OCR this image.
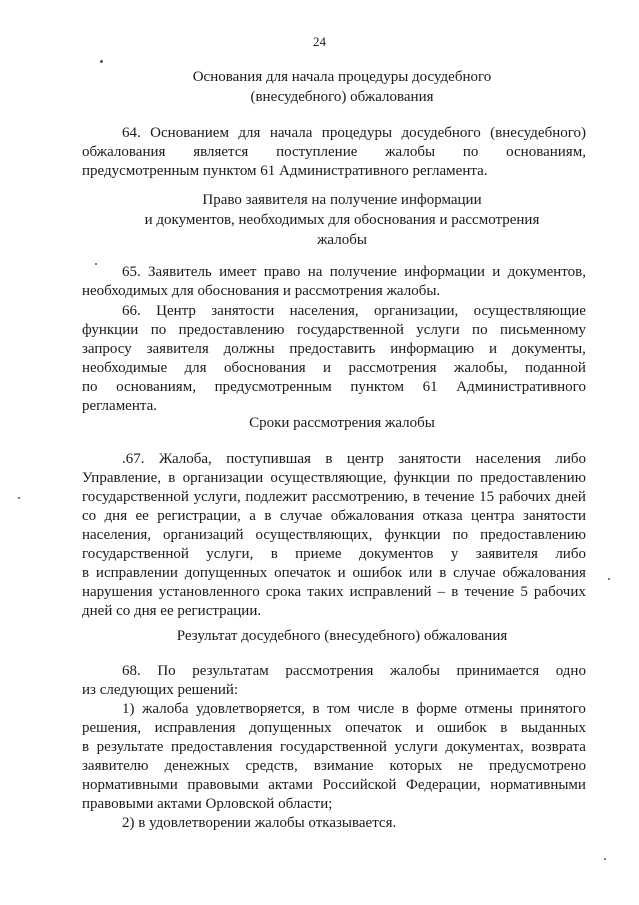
24
Основания для начала процедуры досудебного
(внесудебного) обжалования
64. Основанием для начала процедуры досудебного (внесудебного)
обжалования является поступление жалобы по основаниям,
предусмотренным пунктом 61 Административного регламента.
Право заявителя на получение информации
и документов, необходимых для обоснования и рассмотрения
жалобы
65. Заявитель имеет право на получение информации и документов,
необходимых для обоснования и рассмотрения жалобы.
66. Центр занятости населения, организации, осуществляющие
функции по предоставлению государственной услуги по письменному
запросу заявителя должны предоставить информацию и документы,
необходимые для обоснования и рассмотрения жалобы, поданной
по основаниям, предусмотренным пунктом 61 Административного
регламента.
Сроки рассмотрения жалобы
.67. Жалоба, поступившая в центр занятости населения либо
Управление, в организации осуществляющие, функции по предоставлению
государственной услуги, подлежит рассмотрению, в течение 15 рабочих дней
со дня ее регистрации, а в случае обжалования отказа центра занятости
населения, организаций осуществляющих, функции по предоставлению
государственной услуги, в приеме документов у заявителя либо
в исправлении допущенных опечаток и ошибок или в случае обжалования
нарушения установленного срока таких исправлений – в течение 5 рабочих
дней со дня ее регистрации.
Результат досудебного (внесудебного) обжалования
68. По результатам рассмотрения жалобы принимается одно
из следующих решений:
1) жалоба удовлетворяется, в том числе в форме отмены принятого
решения, исправления допущенных опечаток и ошибок в выданных
в результате предоставления государственной услуги документах, возврата
заявителю денежных средств, взимание которых не предусмотрено
нормативными правовыми актами Российской Федерации, нормативными
правовыми актами Орловской области;
2) в удовлетворении жалобы отказывается.
